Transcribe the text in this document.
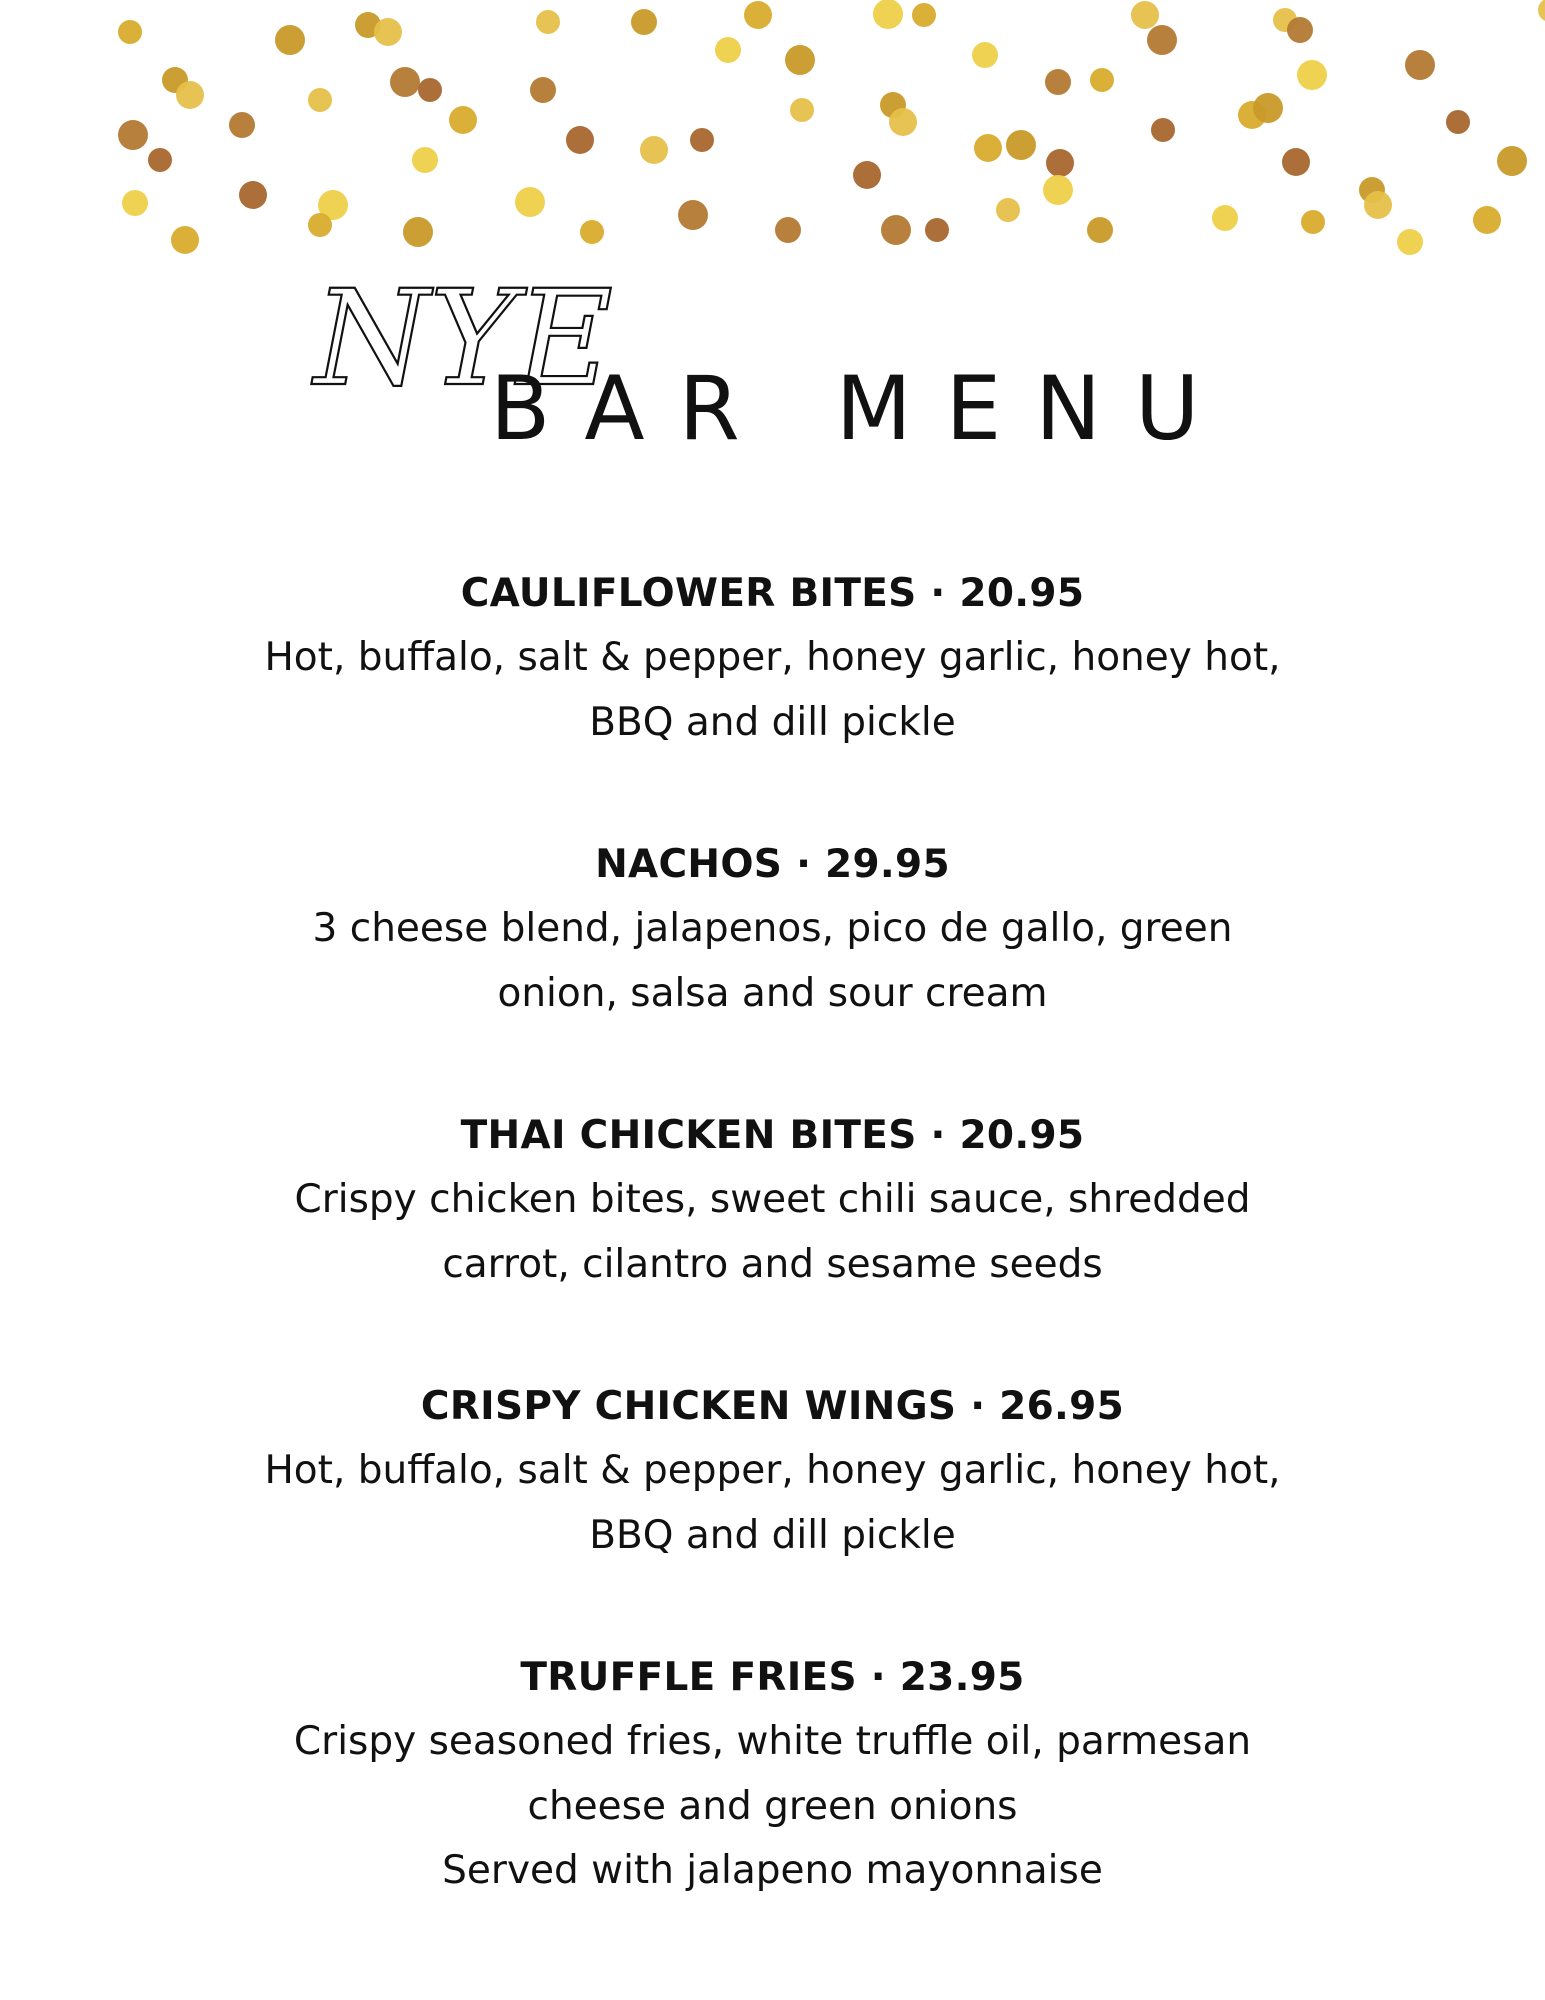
NYE
BAR MENU

CAULIFLOWER BITES · 20.95

Hot, buffalo, salt & pepper, honey garlic, honey hot,

BBQ and dill pickle

NACHOS · 29.95

3 cheese blend, jalapenos, pico de gallo, green

onion, salsa and sour cream

THAI CHICKEN BITES · 20.95

Crispy chicken bites, sweet chili sauce, shredded

carrot, cilantro and sesame seeds

CRISPY CHICKEN WINGS · 26.95

Hot, buffalo, salt & pepper, honey garlic, honey hot,

BBQ and dill pickle

TRUFFLE FRIES · 23.95

Crispy seasoned fries, white truffle oil, parmesan

cheese and green onions

Served with jalapeno mayonnaise
